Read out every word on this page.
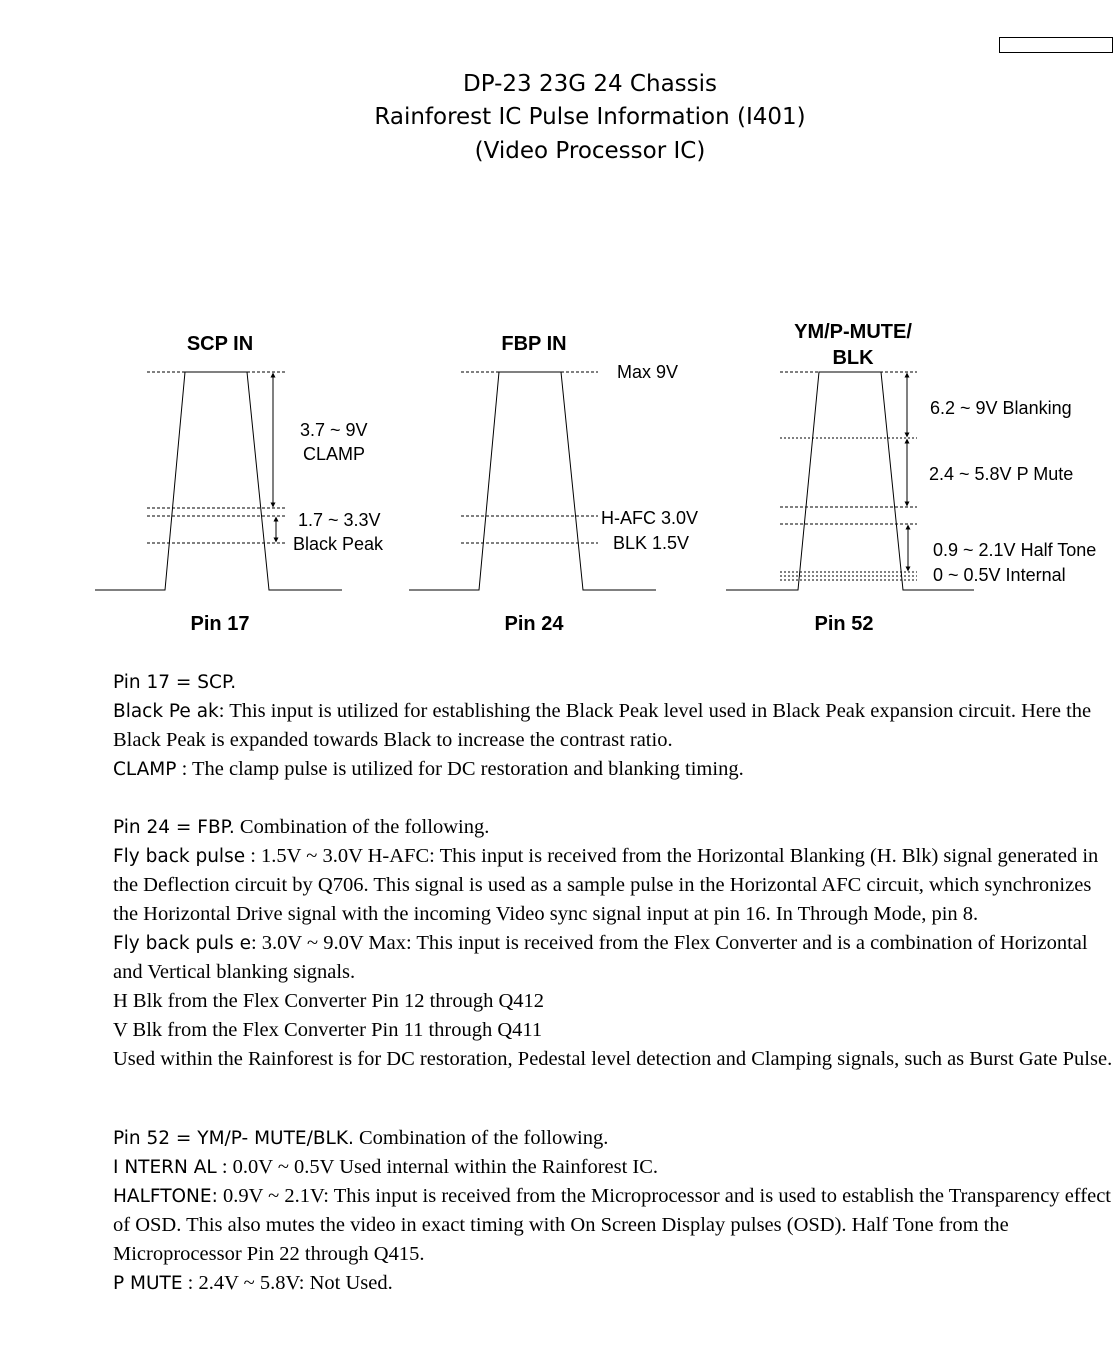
DP-23 23G 24 Chassis
Rainforest IC Pulse Information (I401)
(Video Processor IC)
SCP IN
3.7 ~ 9V
CLAMP
1.7 ~ 3.3V
Black Peak
Pin 17
FBP IN
Max 9V
H-AFC 3.0V
BLK 1.5V
Pin 24
YM/P-MUTE/
BLK
6.2 ~ 9V Blanking
2.4 ~ 5.8V P Mute
0.9 ~ 2.1V Half Tone
0 ~ 0.5V Internal
Pin 52

Pin 17 = SCP.

Black Pe ak: This input is utilized for establishing the Black Peak level used in Black Peak expansion circuit. Here the Black Peak is expanded towards Black to increase the contrast ratio.

CLAMP : The clamp pulse is utilized for DC restoration and blanking timing.

Pin 24 = FBP. Combination of the following.

Fly back pulse : 1.5V ~ 3.0V H-AFC: This input is received from the Horizontal Blanking (H. Blk) signal generated in the Deflection circuit by Q706. This signal is used as a sample pulse in the Horizontal AFC circuit, which synchronizes the Horizontal Drive signal with the incoming Video sync signal input at pin 16. In Through Mode, pin 8.

Fly back puls e: 3.0V ~ 9.0V Max: This input is received from the Flex Converter and is a combination of Horizontal and Vertical blanking signals.

H Blk from the Flex Converter Pin 12 through Q412

V Blk from the Flex Converter Pin 11 through Q411

Used within the Rainforest is for DC restoration, Pedestal level detection and Clamping signals, such as Burst Gate Pulse.

Pin 52 = YM/P- MUTE/BLK. Combination of the following.

I NTERN AL : 0.0V ~ 0.5V Used internal within the Rainforest IC.

HALFTONE: 0.9V ~ 2.1V: This input is received from the Microprocessor and is used to establish the Transparency effect of OSD. This also mutes the video in exact timing with On Screen Display pulses (OSD). Half Tone from the Microprocessor Pin 22 through Q415.

P MUTE : 2.4V ~ 5.8V: Not Used.
